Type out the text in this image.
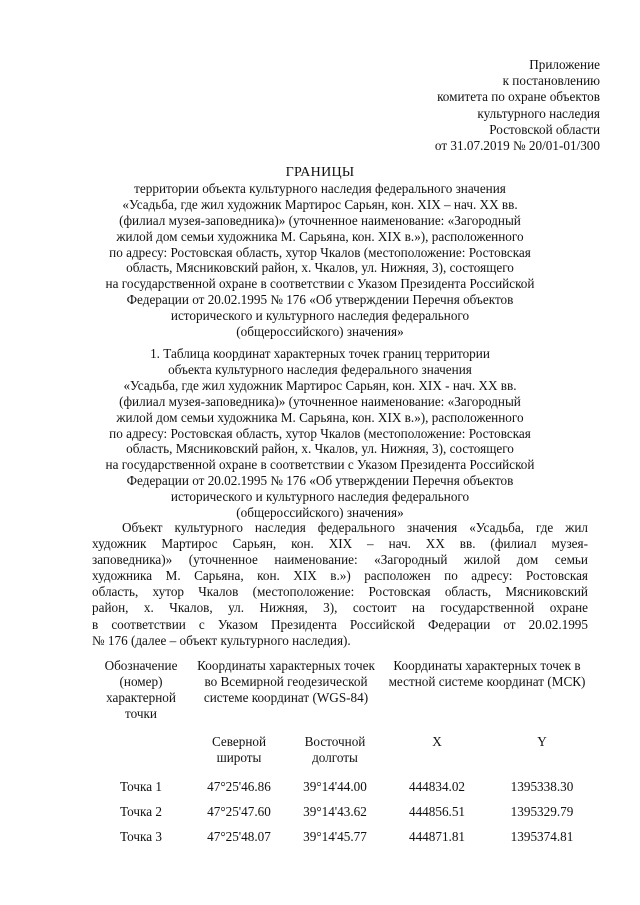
Приложение
к постановлению
комитета по охране объектов
культурного наследия
Ростовской области
от 31.07.2019 № 20/01-01/300
ГРАНИЦЫ
территории объекта культурного наследия федерального значения
«Усадьба, где жил художник Мартирос Сарьян, кон. XIX – нач. XX вв.
(филиал музея-заповедника)» (уточненное наименование: «Загородный
жилой дом семьи художника М. Сарьяна, кон. XIX в.»), расположенного
по адресу: Ростовская область, хутор Чкалов (местоположение: Ростовская
область, Мясниковский район, х. Чкалов, ул. Нижняя, 3), состоящего
на государственной охране в соответствии с Указом Президента Российской
Федерации от 20.02.1995 № 176 «Об утверждении Перечня объектов
исторического и культурного наследия федерального
(общероссийского) значения»
1. Таблица координат характерных точек границ территории
объекта культурного наследия федерального значения
«Усадьба, где жил художник Мартирос Сарьян, кон. XIX - нач. XX вв.
(филиал музея-заповедника)» (уточненное наименование: «Загородный
жилой дом семьи художника М. Сарьяна, кон. XIX в.»), расположенного
по адресу: Ростовская область, хутор Чкалов (местоположение: Ростовская
область, Мясниковский район, х. Чкалов, ул. Нижняя, 3), состоящего
на государственной охране в соответствии с Указом Президента Российской
Федерации от 20.02.1995 № 176 «Об утверждении Перечня объектов
исторического и культурного наследия федерального
(общероссийского) значения»
Объект культурного наследия федерального значения «Усадьба, где жил
художник Мартирос Сарьян, кон. XIX – нач. XX вв. (филиал музея-
заповедника)» (уточненное наименование: «Загородный жилой дом семьи
художника М. Сарьяна, кон. XIX в.») расположен по адресу: Ростовская
область, хутор Чкалов (местоположение: Ростовская область, Мясниковский
район, х. Чкалов, ул. Нижняя, 3), состоит на государственной охране
в соответствии с Указом Президента Российской Федерации от 20.02.1995
№ 176 (далее – объект культурного наследия).
Обозначение (номер) характерной точки	Координаты характерных точек во Всемирной геодезической системе координат (WGS-84)		Координаты характерных точек в местной системе координат (МСК)	
	Северной широты	Восточной долготы	X	Y
Точка 1	47°25'46.86	39°14'44.00	444834.02	1395338.30
Точка 2	47°25'47.60	39°14'43.62	444856.51	1395329.79
Точка 3	47°25'48.07	39°14'45.77	444871.81	1395374.81
